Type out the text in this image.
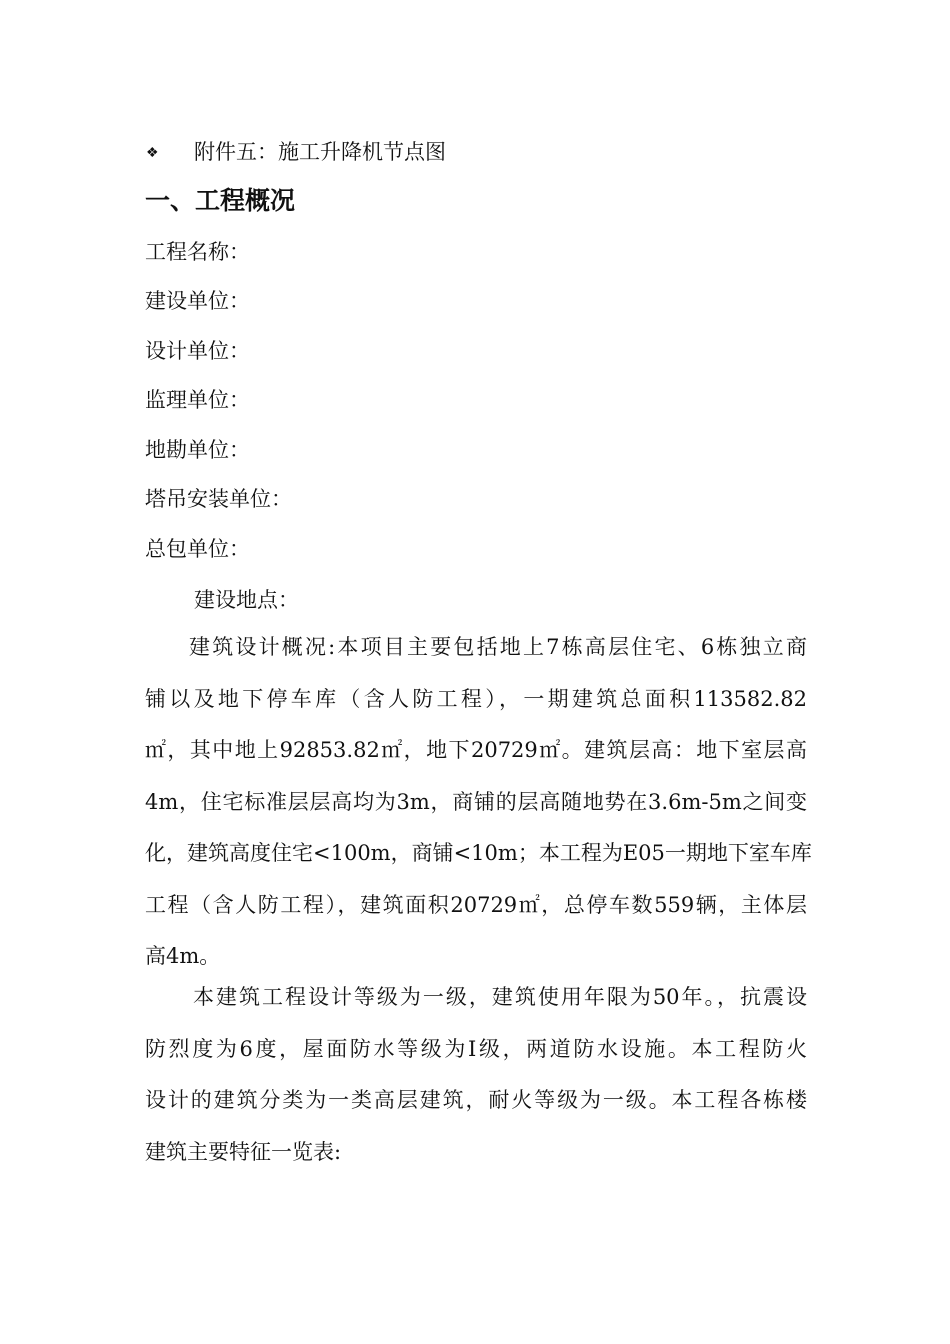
❖ 附件五：施工升降机节点图
一、工程概况
工程名称：
建设单位：
设计单位：
监理单位：
地勘单位：
塔吊安装单位：
总包单位：
建设地点：
建筑设计概况:本项目主要包括地上7栋高层住宅、6栋独立商
铺以及地下停车库（含人防工程），一期建筑总面积113582.82
㎡，其中地上92853.82㎡，地下20729㎡。建筑层高：地下室层高
4m，住宅标准层层高均为3m，商铺的层高随地势在3.6m-5m之间变
化，建筑高度住宅<100m，商铺<10m；本工程为E05一期地下室车库
工程（含人防工程），建筑面积20729㎡，总停车数559辆，主体层
高4m。
本建筑工程设计等级为一级，建筑使用年限为50年。，抗震设
防烈度为6度，屋面防水等级为Ⅰ级，两道防水设施。本工程防火
设计的建筑分类为一类高层建筑，耐火等级为一级。本工程各栋楼
建筑主要特征一览表:
